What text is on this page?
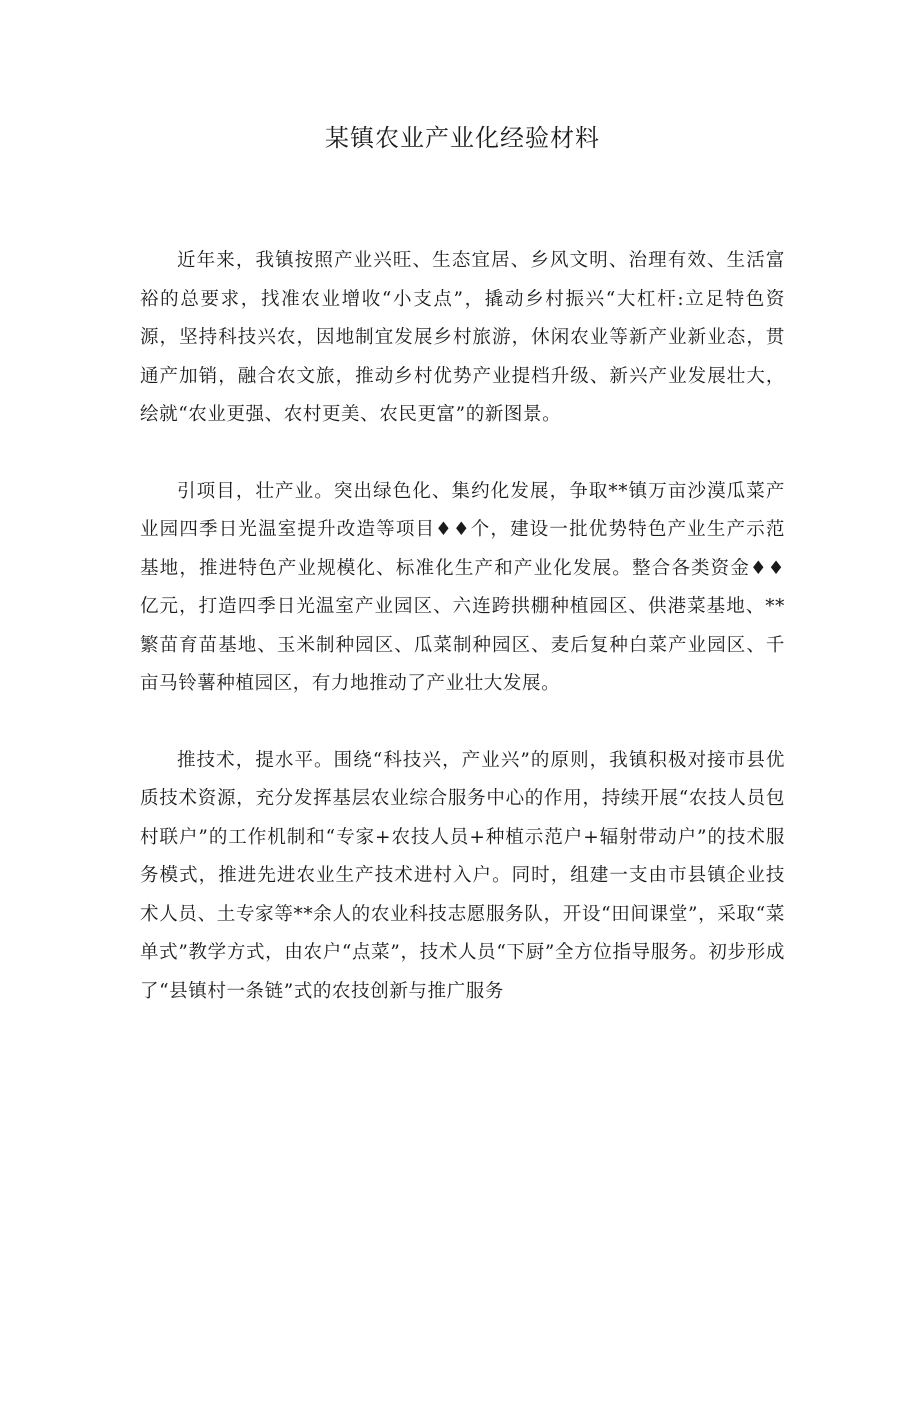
某镇农业产业化经验材料

近年来，我镇按照产业兴旺、生态宜居、乡风文明、治理有效、生活富裕的总要求，找准农业增收“小支点”，撬动乡村振兴“大杠杆:立足特色资源，坚持科技兴农，因地制宜发展乡村旅游，休闲农业等新产业新业态，贯通产加销，融合农文旅，推动乡村优势产业提档升级、新兴产业发展壮大，绘就“农业更强、农村更美、农民更富”的新图景。

引项目，壮产业。突出绿色化、集约化发展，争取**镇万亩沙漠瓜菜产业园四季日光温室提升改造等项目♦♦个，建设一批优势特色产业生产示范基地，推进特色产业规模化、标准化生产和产业化发展。整合各类资金♦♦亿元，打造四季日光温室产业园区、六连跨拱棚种植园区、供港菜基地、**繁苗育苗基地、玉米制种园区、瓜菜制种园区、麦后复种白菜产业园区、千亩马铃薯种植园区，有力地推动了产业壮大发展。

推技术，提水平。围绕“科技兴，产业兴”的原则，我镇积极对接市县优质技术资源，充分发挥基层农业综合服务中心的作用，持续开展“农技人员包村联户”的工作机制和“专家+农技人员+种植示范户+辐射带动户”的技术服务模式，推进先进农业生产技术进村入户。同时，组建一支由市县镇企业技术人员、土专家等**余人的农业科技志愿服务队，开设“田间课堂”，采取“菜单式”教学方式，由农户“点菜”，技术人员“下厨”全方位指导服务。初步形成了“县镇村一条链”式的农技创新与推广服务
